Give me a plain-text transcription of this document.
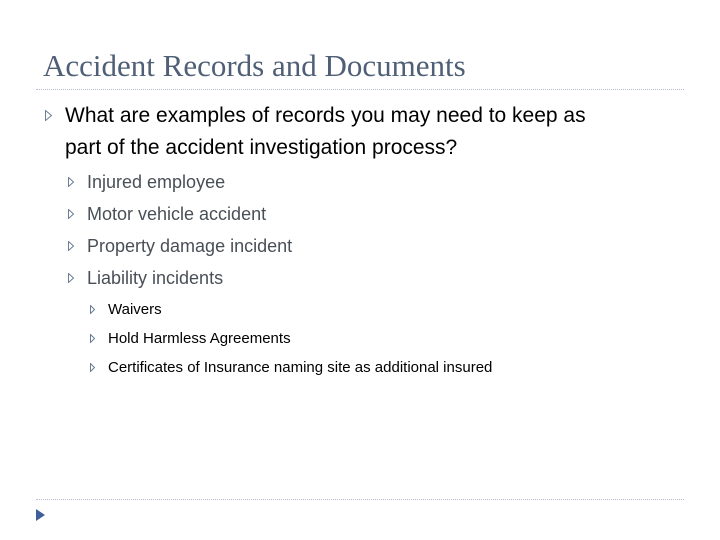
Accident Records and Documents
What are examples of records you may need to keep as
part of the accident investigation process?
Injured employee
Motor vehicle accident
Property damage incident
Liability incidents
Waivers
Hold Harmless Agreements
Certificates of Insurance naming site as additional insured
